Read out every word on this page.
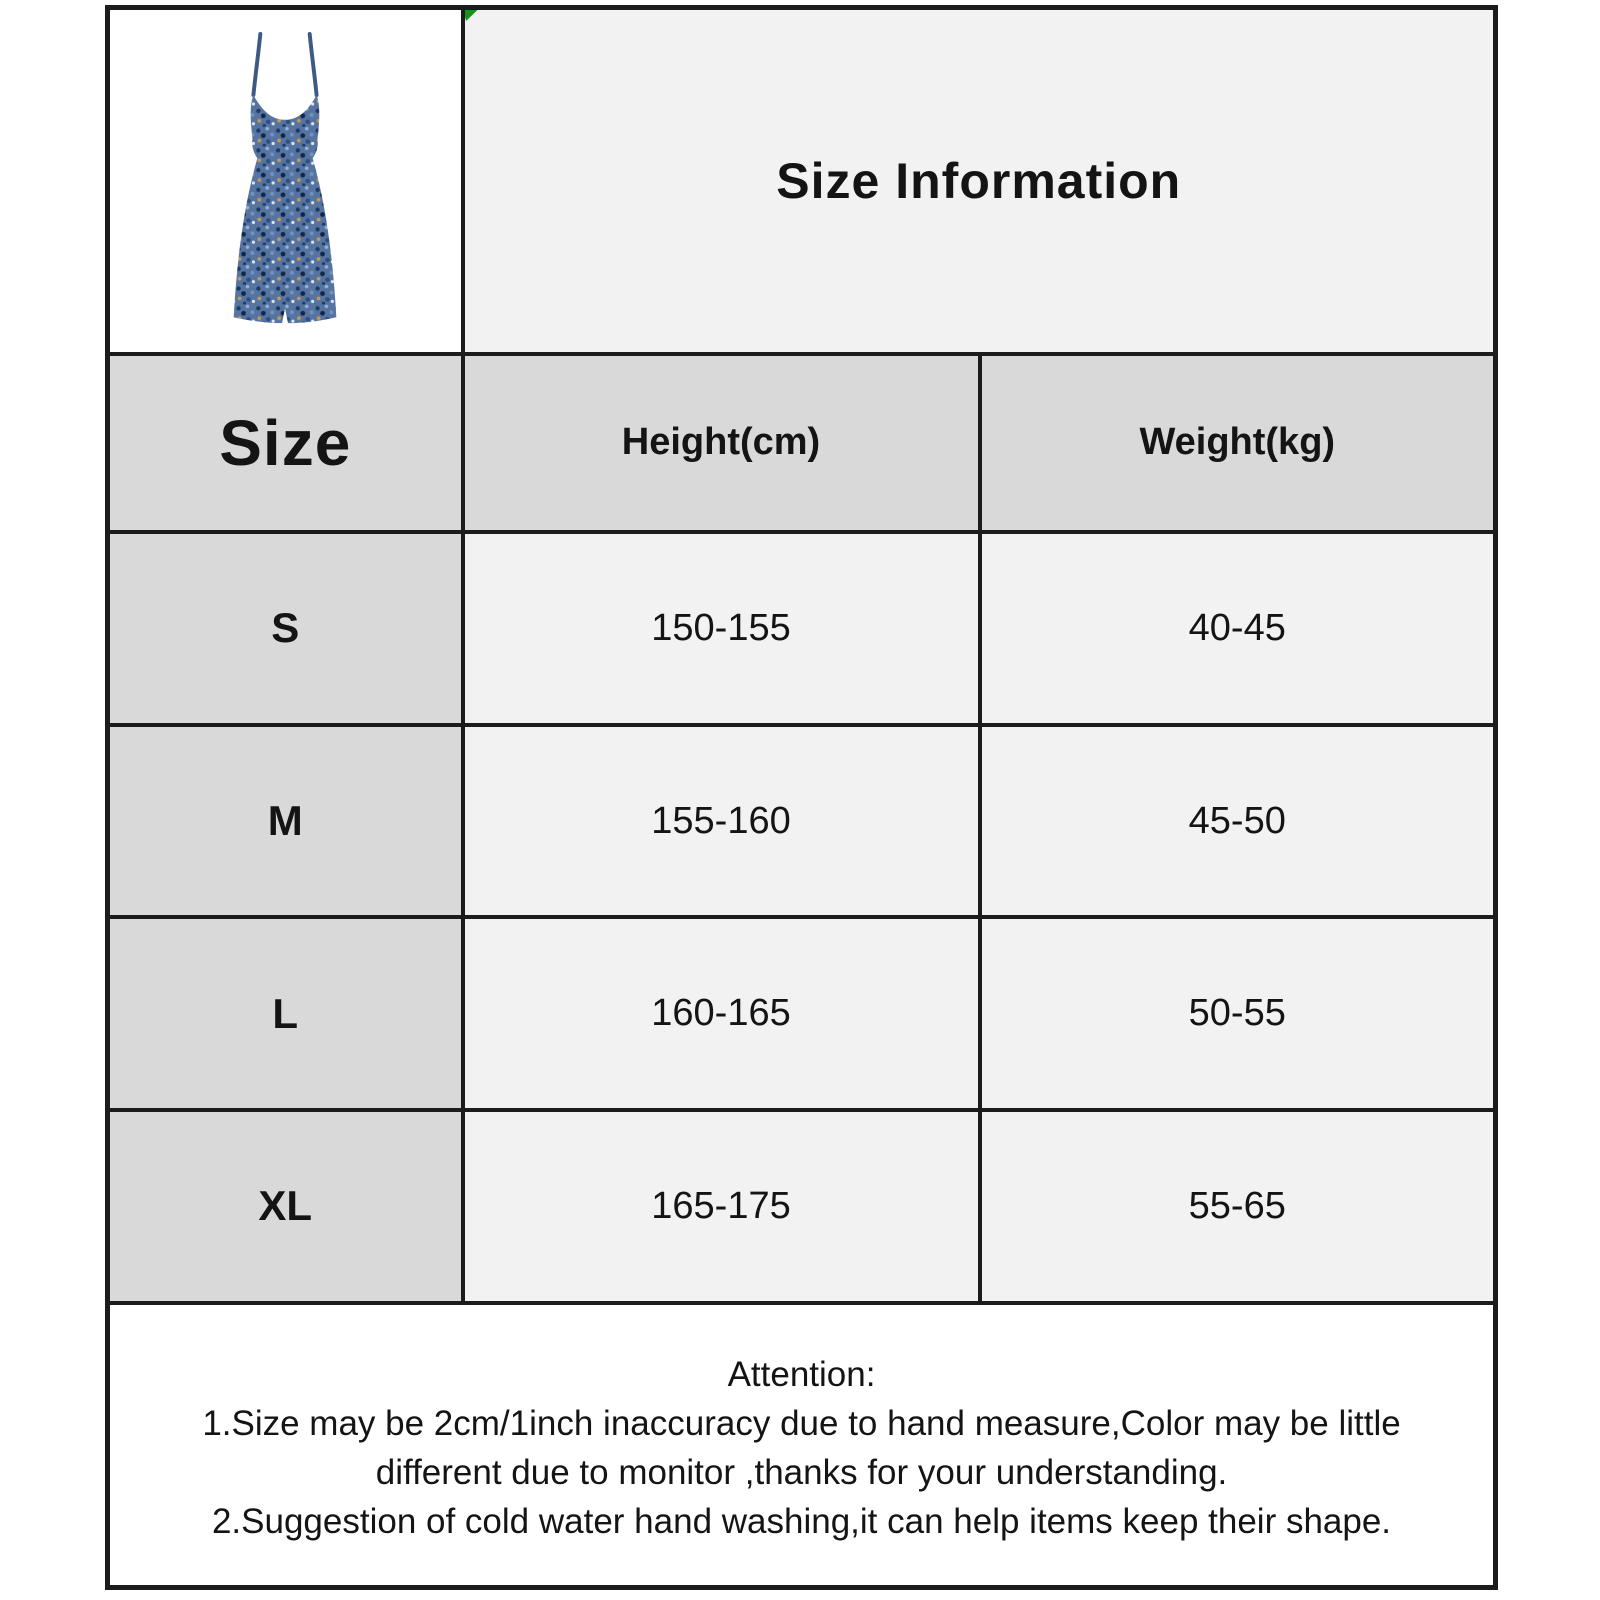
Size Information	
Size	Height(cm)	Weight(kg)
S	150-155	40-45
M	155-160	45-50
L	160-165	50-55
XL	165-175	55-65

Attention:
1.Size may be 2cm/1inch inaccuracy due to hand measure,Color may be little
different due to monitor ,thanks for your understanding.
2.Suggestion of cold water hand washing,it can help items keep their shape.		
